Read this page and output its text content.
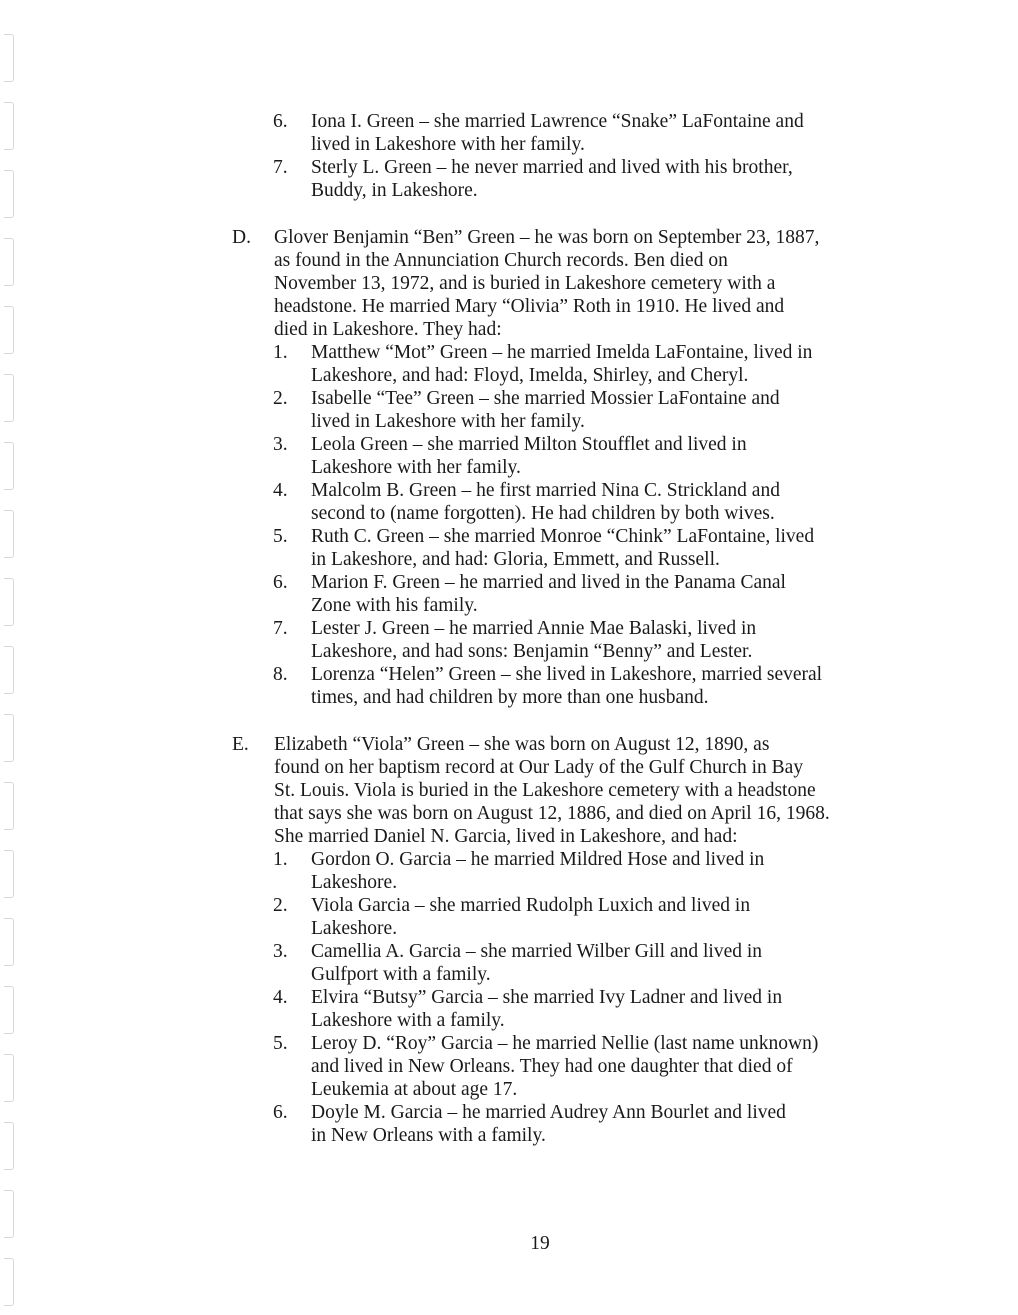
6. Iona I. Green – she married Lawrence “Snake” LaFontaine and
lived in Lakeshore with her family.
7. Sterly L. Green – he never married and lived with his brother,
Buddy, in Lakeshore.
D. Glover Benjamin “Ben” Green – he was born on September 23, 1887,
as found in the Annunciation Church records. Ben died on
November 13, 1972, and is buried in Lakeshore cemetery with a
headstone. He married Mary “Olivia” Roth in 1910. He lived and
died in Lakeshore. They had:
1. Matthew “Mot” Green – he married Imelda LaFontaine, lived in
Lakeshore, and had: Floyd, Imelda, Shirley, and Cheryl.
2. Isabelle “Tee” Green – she married Mossier LaFontaine and
lived in Lakeshore with her family.
3. Leola Green – she married Milton Stoufflet and lived in
Lakeshore with her family.
4. Malcolm B. Green – he first married Nina C. Strickland and
second to (name forgotten). He had children by both wives.
5. Ruth C. Green – she married Monroe “Chink” LaFontaine, lived
in Lakeshore, and had: Gloria, Emmett, and Russell.
6. Marion F. Green – he married and lived in the Panama Canal
Zone with his family.
7. Lester J. Green – he married Annie Mae Balaski, lived in
Lakeshore, and had sons: Benjamin “Benny” and Lester.
8. Lorenza “Helen” Green – she lived in Lakeshore, married several
times, and had children by more than one husband.
E. Elizabeth “Viola” Green – she was born on August 12, 1890, as
found on her baptism record at Our Lady of the Gulf Church in Bay
St. Louis. Viola is buried in the Lakeshore cemetery with a headstone
that says she was born on August 12, 1886, and died on April 16, 1968.
She married Daniel N. Garcia, lived in Lakeshore, and had:
1. Gordon O. Garcia – he married Mildred Hose and lived in
Lakeshore.
2. Viola Garcia – she married Rudolph Luxich and lived in
Lakeshore.
3. Camellia A. Garcia – she married Wilber Gill and lived in
Gulfport with a family.
4. Elvira “Butsy” Garcia – she married Ivy Ladner and lived in
Lakeshore with a family.
5. Leroy D. “Roy” Garcia – he married Nellie (last name unknown)
and lived in New Orleans. They had one daughter that died of
Leukemia at about age 17.
6. Doyle M. Garcia – he married Audrey Ann Bourlet and lived
in New Orleans with a family.
19
